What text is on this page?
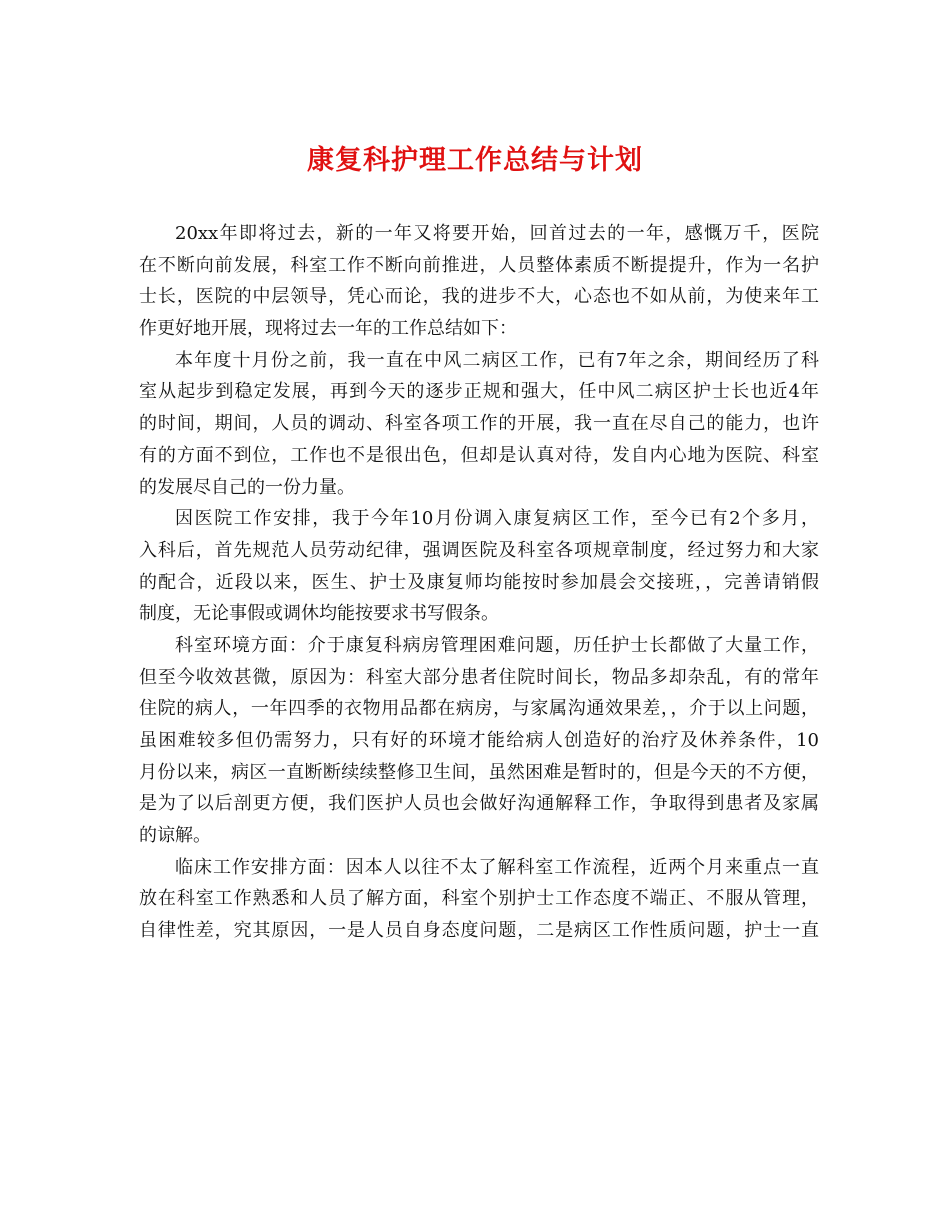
康复科护理工作总结与计划
20xx年即将过去，新的一年又将要开始，回首过去的一年，感慨万千，医院
在不断向前发展，科室工作不断向前推进，人员整体素质不断提提升，作为一名护
士长，医院的中层领导，凭心而论，我的进步不大，心态也不如从前，为使来年工
作更好地开展，现将过去一年的工作总结如下：
本年度十月份之前，我一直在中风二病区工作，已有7年之余，期间经历了科
室从起步到稳定发展，再到今天的逐步正规和强大，任中风二病区护士长也近4年
的时间，期间，人员的调动、科室各项工作的开展，我一直在尽自己的能力，也许
有的方面不到位，工作也不是很出色，但却是认真对待，发自内心地为医院、科室
的发展尽自己的一份力量。
因医院工作安排，我于今年10月份调入康复病区工作，至今已有2个多月，
入科后，首先规范人员劳动纪律，强调医院及科室各项规章制度，经过努力和大家
的配合，近段以来，医生、护士及康复师均能按时参加晨会交接班，，完善请销假
制度，无论事假或调休均能按要求书写假条。
科室环境方面：介于康复科病房管理困难问题，历任护士长都做了大量工作，
但至今收效甚微，原因为：科室大部分患者住院时间长，物品多却杂乱，有的常年
住院的病人，一年四季的衣物用品都在病房，与家属沟通效果差，，介于以上问题，
虽困难较多但仍需努力，只有好的环境才能给病人创造好的治疗及休养条件，10
月份以来，病区一直断断续续整修卫生间，虽然困难是暂时的，但是今天的不方便，
是为了以后剖更方便，我们医护人员也会做好沟通解释工作，争取得到患者及家属
的谅解。
临床工作安排方面：因本人以往不太了解科室工作流程，近两个月来重点一直
放在科室工作熟悉和人员了解方面，科室个别护士工作态度不端正、不服从管理，
自律性差，究其原因，一是人员自身态度问题，二是病区工作性质问题，护士一直
